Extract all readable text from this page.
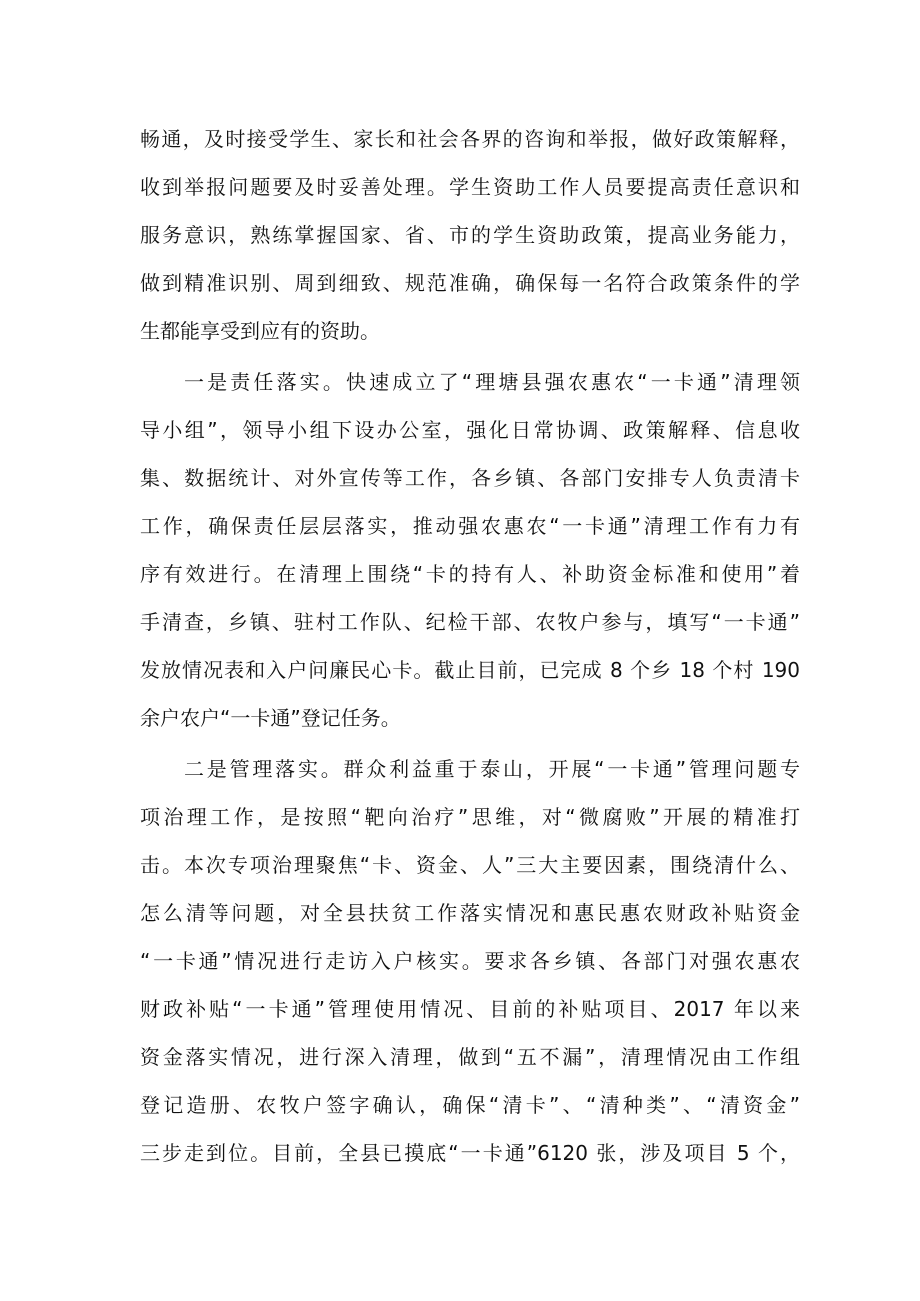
畅通，及时接受学生、家长和社会各界的咨询和举报，做好政策解释，
收到举报问题要及时妥善处理。学生资助工作人员要提高责任意识和
服务意识，熟练掌握国家、省、市的学生资助政策，提高业务能力，
做到精准识别、周到细致、规范准确，确保每一名符合政策条件的学
生都能享受到应有的资助。
一是责任落实。快速成立了“理塘县强农惠农“一卡通”清理领
导小组”，领导小组下设办公室，强化日常协调、政策解释、信息收
集、数据统计、对外宣传等工作，各乡镇、各部门安排专人负责清卡
工作，确保责任层层落实，推动强农惠农“一卡通”清理工作有力有
序有效进行。在清理上围绕“卡的持有人、补助资金标准和使用”着
手清查，乡镇、驻村工作队、纪检干部、农牧户参与，填写“一卡通”
发放情况表和入户问廉民心卡。截止目前，已完成 8 个乡 18 个村 190
余户农户“一卡通”登记任务。
二是管理落实。群众利益重于泰山，开展“一卡通”管理问题专
项治理工作，是按照“靶向治疗”思维，对“微腐败”开展的精准打
击。本次专项治理聚焦“卡、资金、人”三大主要因素，围绕清什么、
怎么清等问题，对全县扶贫工作落实情况和惠民惠农财政补贴资金
“一卡通”情况进行走访入户核实。要求各乡镇、各部门对强农惠农
财政补贴“一卡通”管理使用情况、目前的补贴项目、2017 年以来
资金落实情况，进行深入清理，做到“五不漏”，清理情况由工作组
登记造册、农牧户签字确认，确保“清卡”、“清种类”、“清资金”
三步走到位。目前，全县已摸底“一卡通”6120 张，涉及项目 5 个，
